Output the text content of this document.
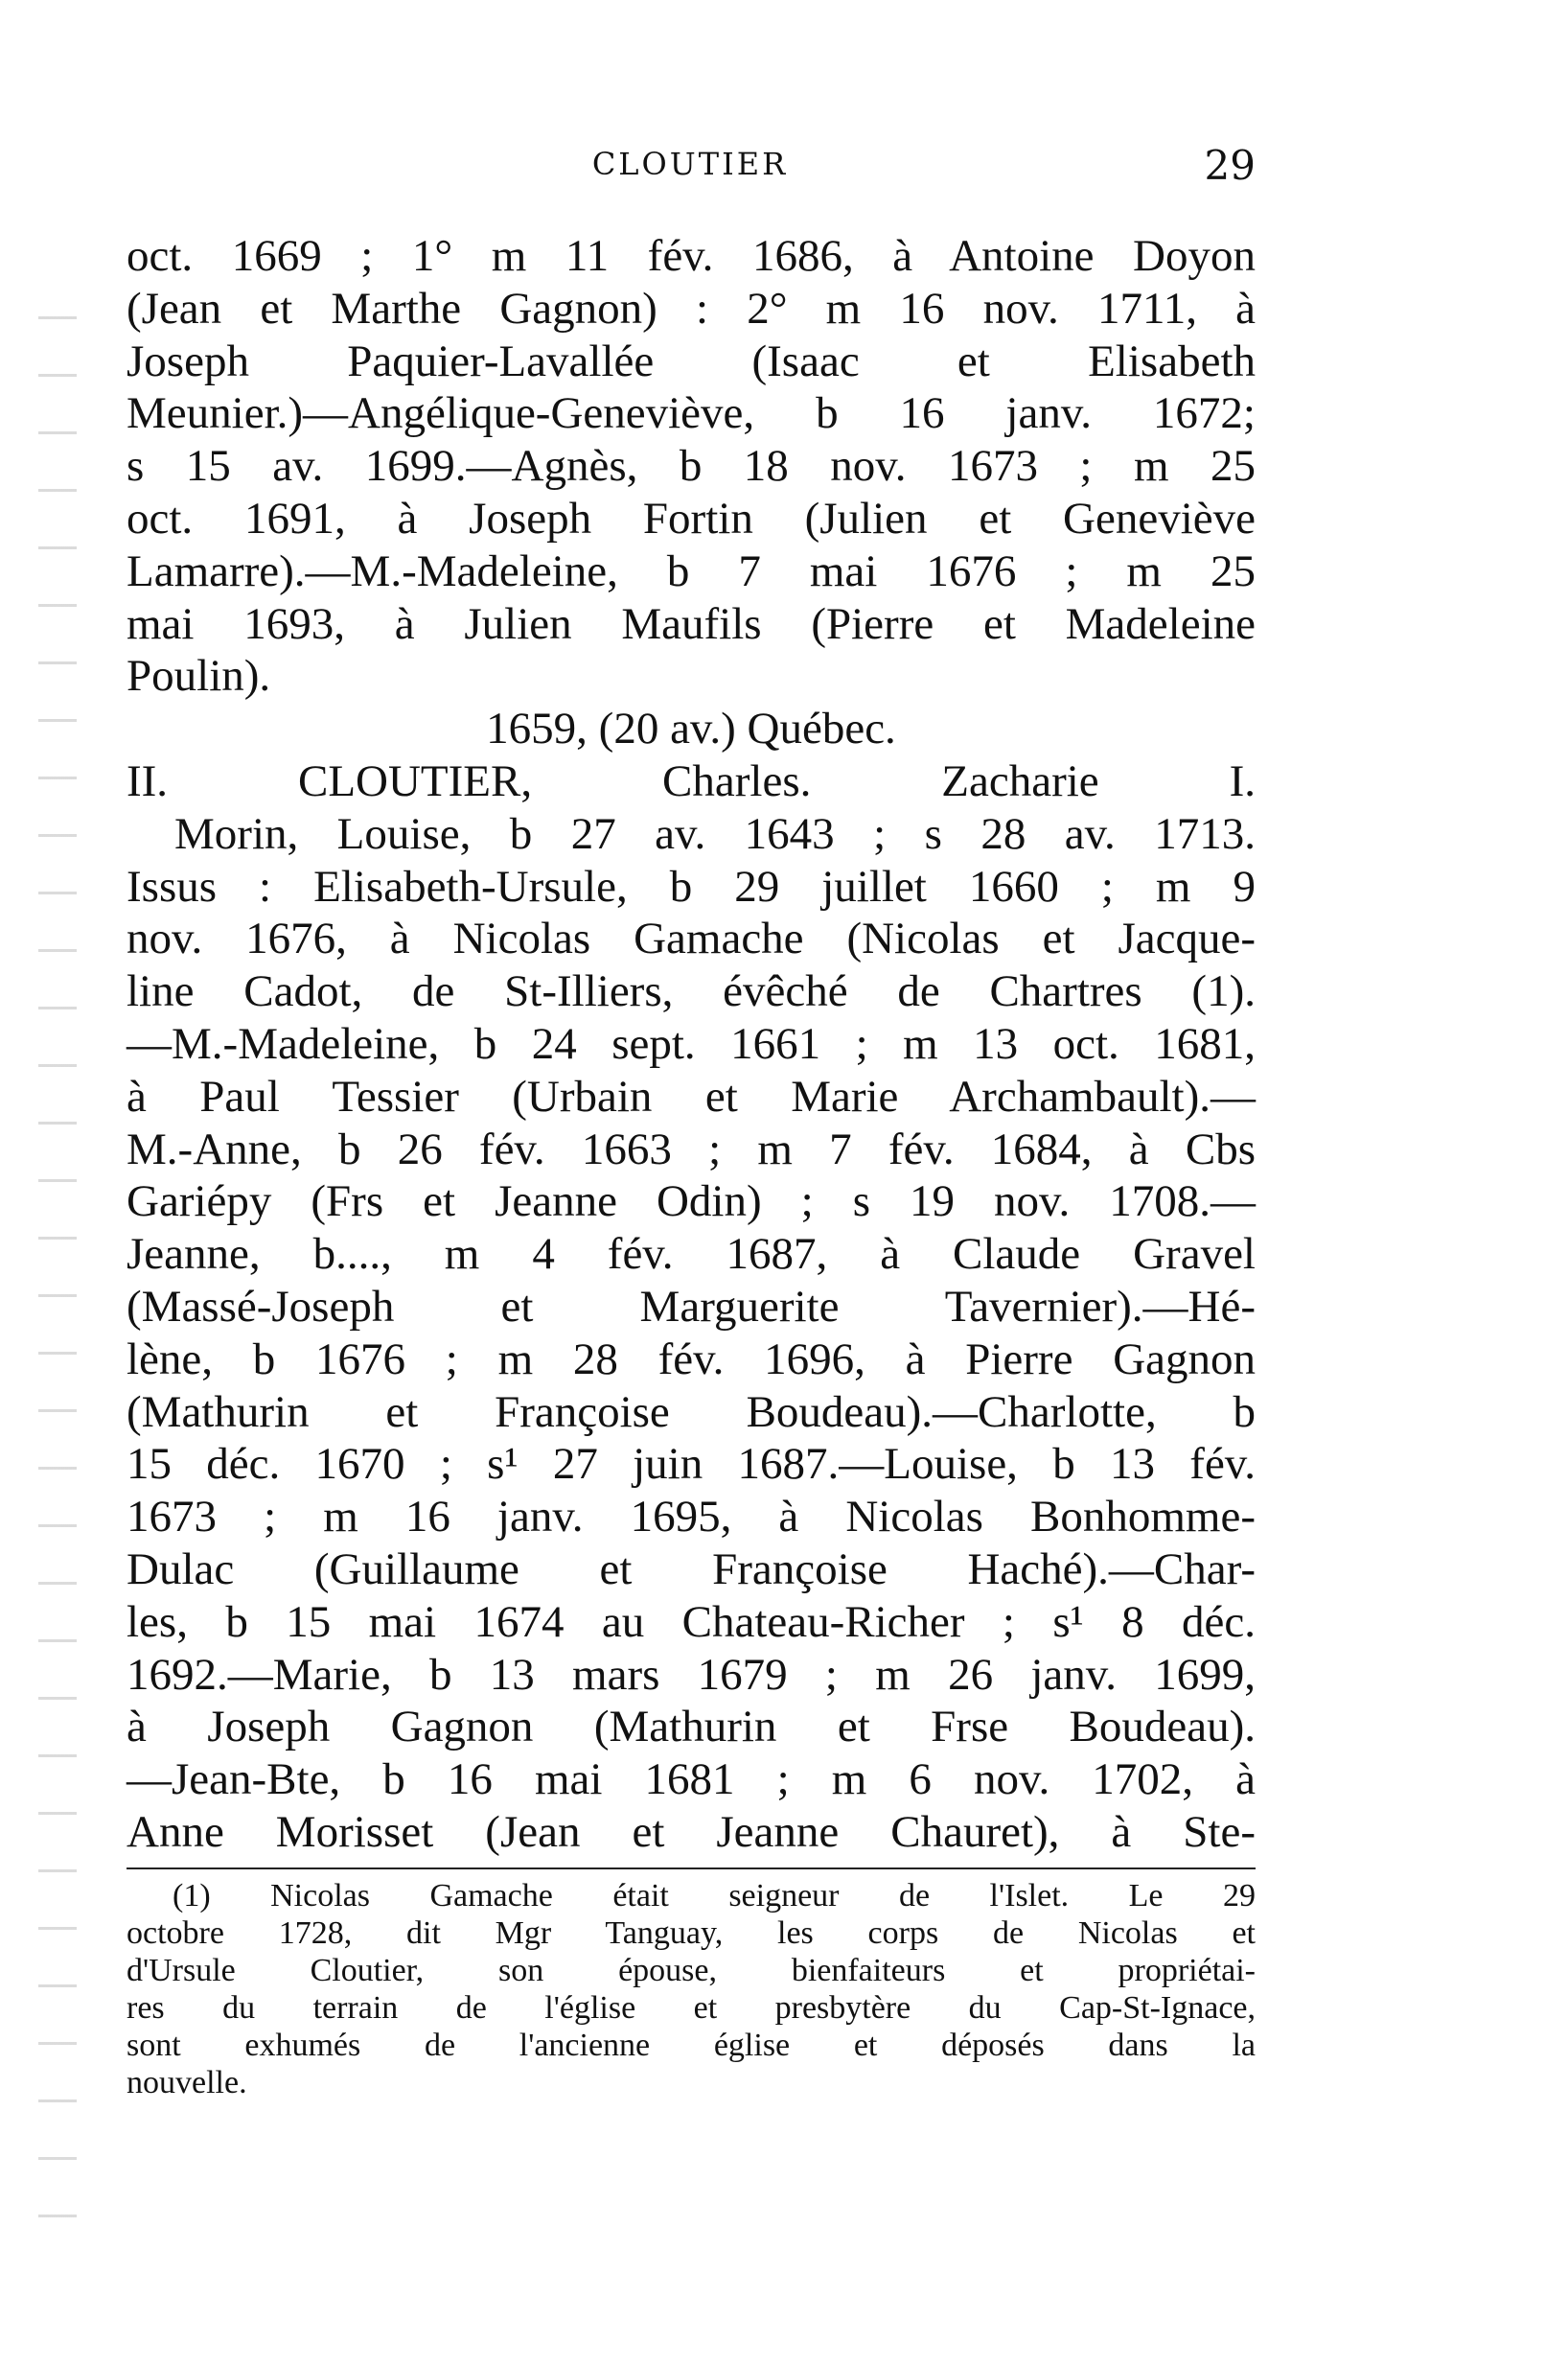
CLOUTIER	29
oct. 1669 ; 1° m 11 fév. 1686, à Antoine Doyon
(Jean et Marthe Gagnon) : 2° m 16 nov. 1711, à
Joseph Paquier-Lavallée (Isaac et Elisabeth
Meunier.)—Angélique-Geneviève, b 16 janv. 1672;
s 15 av. 1699.—Agnès, b 18 nov. 1673 ; m 25
oct. 1691, à Joseph Fortin (Julien et Geneviève
Lamarre).—M.-Madeleine, b 7 mai 1676 ; m 25
mai 1693, à Julien Maufils (Pierre et Madeleine
Poulin).
1659, (20 av.) Québec.
II. CLOUTIER, Charles.	Zacharie I.
Morin, Louise, b 27 av. 1643 ; s 28 av. 1713.
Issus : Elisabeth-Ursule, b 29 juillet 1660 ; m 9
nov. 1676, à Nicolas Gamache (Nicolas et Jacque-
line Cadot, de St-Illiers, évêché de Chartres (1).
—M.-Madeleine, b 24 sept. 1661 ; m 13 oct. 1681,
à Paul Tessier (Urbain et Marie Archambault).—
M.-Anne, b 26 fév. 1663 ; m 7 fév. 1684, à Cbs
Gariépy (Frs et Jeanne Odin) ; s 19 nov. 1708.—
Jeanne, b...., m 4 fév. 1687, à Claude Gravel
(Massé-Joseph et Marguerite Tavernier).—Hé-
lène, b 1676 ; m 28 fév. 1696, à Pierre Gagnon
(Mathurin et Françoise Boudeau).—Charlotte, b
15 déc. 1670 ; s¹ 27 juin 1687.—Louise, b 13 fév.
1673 ; m 16 janv. 1695, à Nicolas Bonhomme-
Dulac (Guillaume et Françoise Haché).—Char-
les, b 15 mai 1674 au Chateau-Richer ; s¹ 8 déc.
1692.—Marie, b 13 mars 1679 ; m 26 janv. 1699,
à Joseph Gagnon (Mathurin et Frse Boudeau).
—Jean-Bte, b 16 mai 1681 ; m 6 nov. 1702, à
Anne Morisset (Jean et Jeanne Chauret), à Ste-
(1) Nicolas Gamache était seigneur de l'Islet. Le 29
octobre 1728, dit Mgr Tanguay, les corps de Nicolas et
d'Ursule Cloutier, son épouse, bienfaiteurs et propriétai-
res du terrain de l'église et presbytère du Cap-St-Ignace,
sont exhumés de l'ancienne église et déposés dans la
nouvelle.
